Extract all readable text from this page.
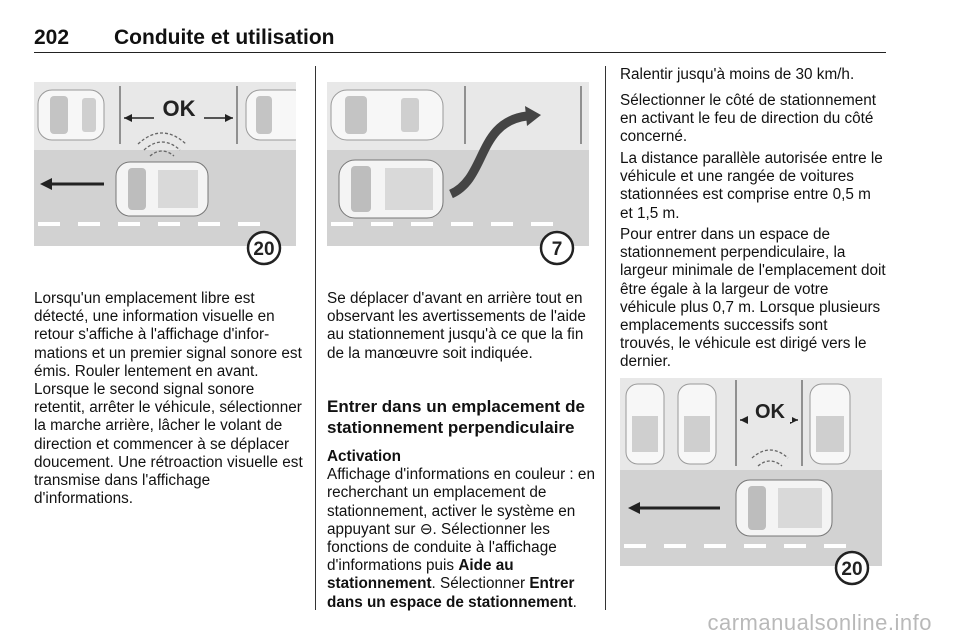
202 Conduite et utilisation
OK
20	7
OK
20

Lorsqu'un emplacement libre est détecté, une information visuelle en retour s'affiche à l'affichage d'informations et un premier signal sonore est émis. Rouler lentement en avant. Lorsque le second signal sonore retentit, arrêter le véhicule, sélectionner la marche arrière, lâcher le volant de direction et commencer à se déplacer doucement. Une rétroaction visuelle est transmise dans l'affichage d'informations.

Se déplacer d'avant en arrière tout en observant les avertissements de l'aide au stationnement jusqu'à ce que la fin de la manœuvre soit indiquée.

Entrer dans un emplacement de stationnement perpendiculaire

Activation
Affichage d'informations en couleur : en recherchant un emplacement de stationnement, activer le système en appuyant sur ⊖. Sélectionner les fonctions de conduite à l'affichage d'informations puis Aide au stationnement. Sélectionner Entrer dans un espace de stationnement.

Ralentir jusqu'à moins de 30 km/h.

Sélectionner le côté de stationnement en activant le feu de direction du côté concerné.

La distance parallèle autorisée entre le véhicule et une rangée de voitures stationnées est comprise entre 0,5 m et 1,5 m.

Pour entrer dans un espace de stationnement perpendiculaire, la largeur minimale de l'emplacement doit être égale à la largeur de votre véhicule plus 0,7 m. Lorsque plusieurs emplacements successifs sont trouvés, le véhicule est dirigé vers le dernier.

carmanualsonline.info
